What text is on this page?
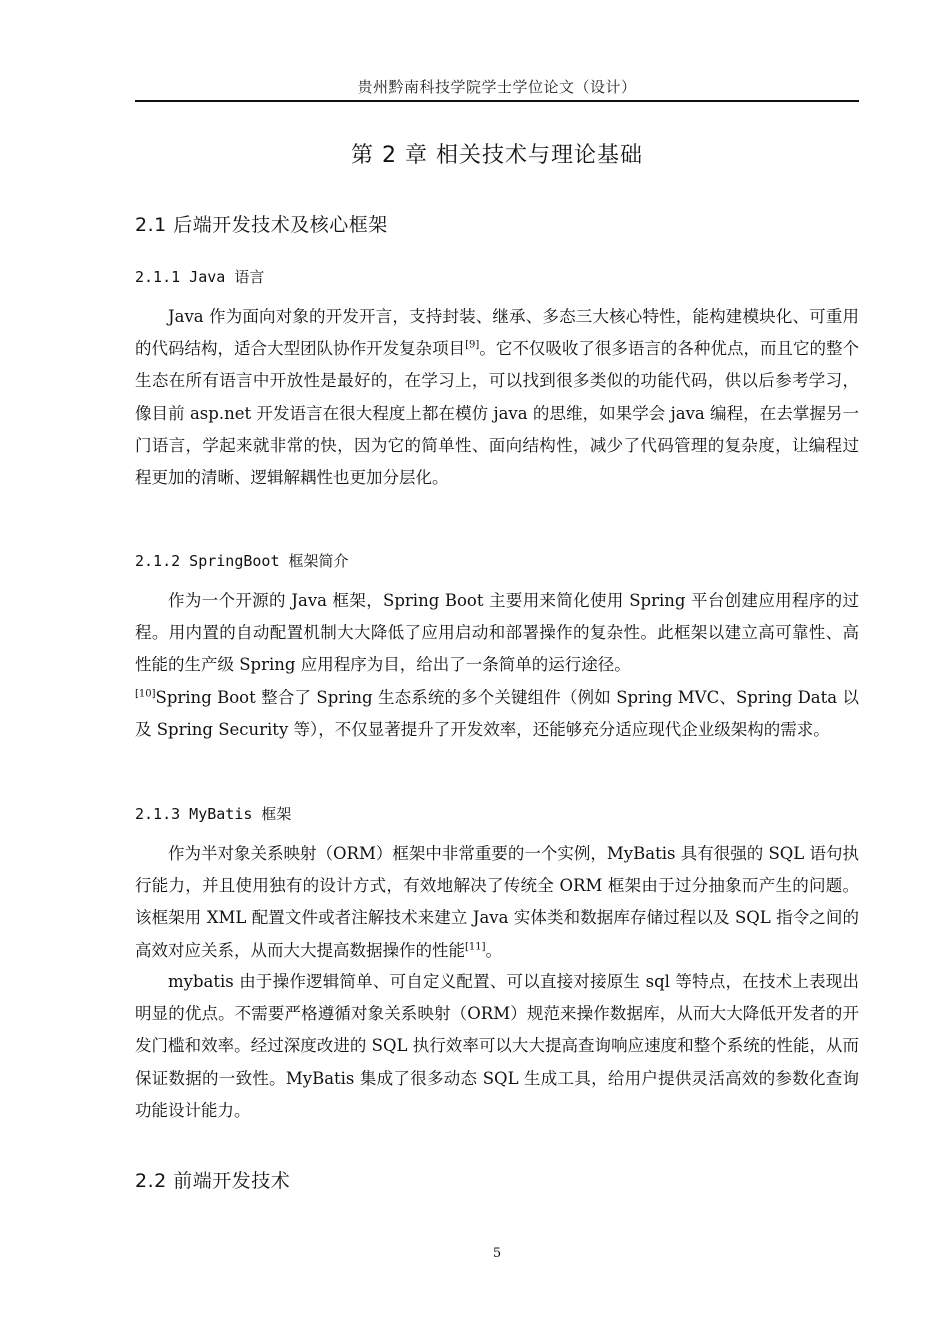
贵州黔南科技学院学士学位论文（设计）
第 2 章 相关技术与理论基础
2.1 后端开发技术及核心框架
2.1.1 Java 语言

Java 作为面向对象的开发开言，支持封装、继承、多态三大核心特性，能构建模块化、可重用的代码结构，适合大型团队协作开发复杂项目[9]。它不仅吸收了很多语言的各种优点，而且它的整个生态在所有语言中开放性是最好的，在学习上，可以找到很多类似的功能代码，供以后参考学习，像目前 asp.net 开发语言在很大程度上都在模仿 java 的思维，如果学会 java 编程，在去掌握另一门语言，学起来就非常的快，因为它的简单性、面向结构性，减少了代码管理的复杂度，让编程过程更加的清晰、逻辑解耦性也更加分层化。

2.1.2 SpringBoot 框架简介

作为一个开源的 Java 框架，Spring Boot 主要用来简化使用 Spring 平台创建应用程序的过程。用内置的自动配置机制大大降低了应用启动和部署操作的复杂性。此框架以建立高可靠性、高性能的生产级 Spring 应用程序为目，给出了一条简单的运行途径。

[10]Spring Boot 整合了 Spring 生态系统的多个关键组件（例如 Spring MVC、Spring Data 以及 Spring Security 等），不仅显著提升了开发效率，还能够充分适应现代企业级架构的需求。

2.1.3 MyBatis 框架

作为半对象关系映射（ORM）框架中非常重要的一个实例，MyBatis 具有很强的 SQL 语句执行能力，并且使用独有的设计方式，有效地解决了传统全 ORM 框架由于过分抽象而产生的问题。该框架用 XML 配置文件或者注解技术来建立 Java 实体类和数据库存储过程以及 SQL 指令之间的高效对应关系，从而大大提高数据操作的性能[11]。

mybatis 由于操作逻辑简单、可自定义配置、可以直接对接原生 sql 等特点，在技术上表现出明显的优点。不需要严格遵循对象关系映射（ORM）规范来操作数据库，从而大大降低开发者的开发门槛和效率。经过深度改进的 SQL 执行效率可以大大提高查询响应速度和整个系统的性能，从而保证数据的一致性。MyBatis 集成了很多动态 SQL 生成工具，给用户提供灵活高效的参数化查询功能设计能力。

2.2 前端开发技术
5
